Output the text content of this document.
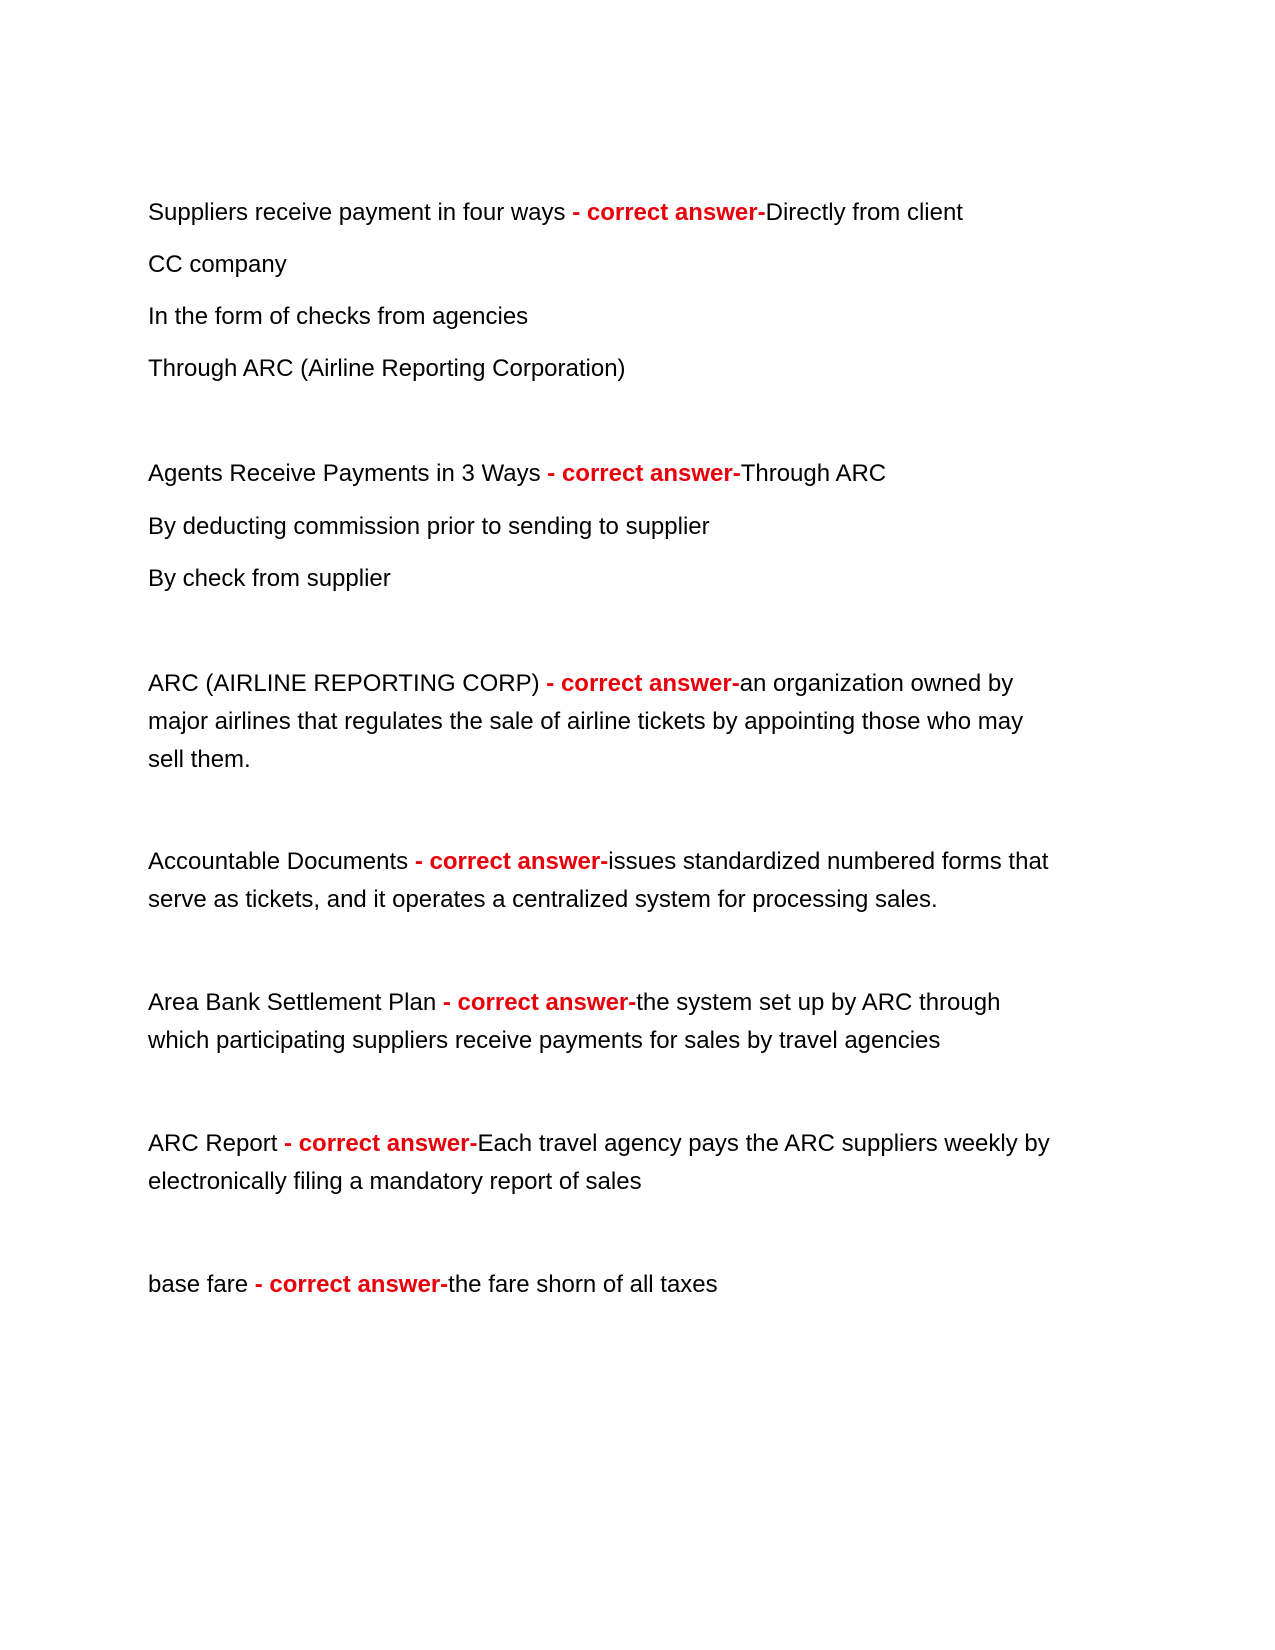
Suppliers receive payment in four ways - correct answer-Directly from client
CC company
In the form of checks from agencies
Through ARC (Airline Reporting Corporation)
Agents Receive Payments in 3 Ways - correct answer-Through ARC
By deducting commission prior to sending to supplier
By check from supplier
ARC (AIRLINE REPORTING CORP) - correct answer-an organization owned by major airlines that regulates the sale of airline tickets by appointing those who may sell them.
Accountable Documents - correct answer-issues standardized numbered forms that serve as tickets, and it operates a centralized system for processing sales.
Area Bank Settlement Plan - correct answer-the system set up by ARC through which participating suppliers receive payments for sales by travel agencies
ARC Report - correct answer-Each travel agency pays the ARC suppliers weekly by electronically filing a mandatory report of sales
base fare - correct answer-the fare shorn of all taxes
